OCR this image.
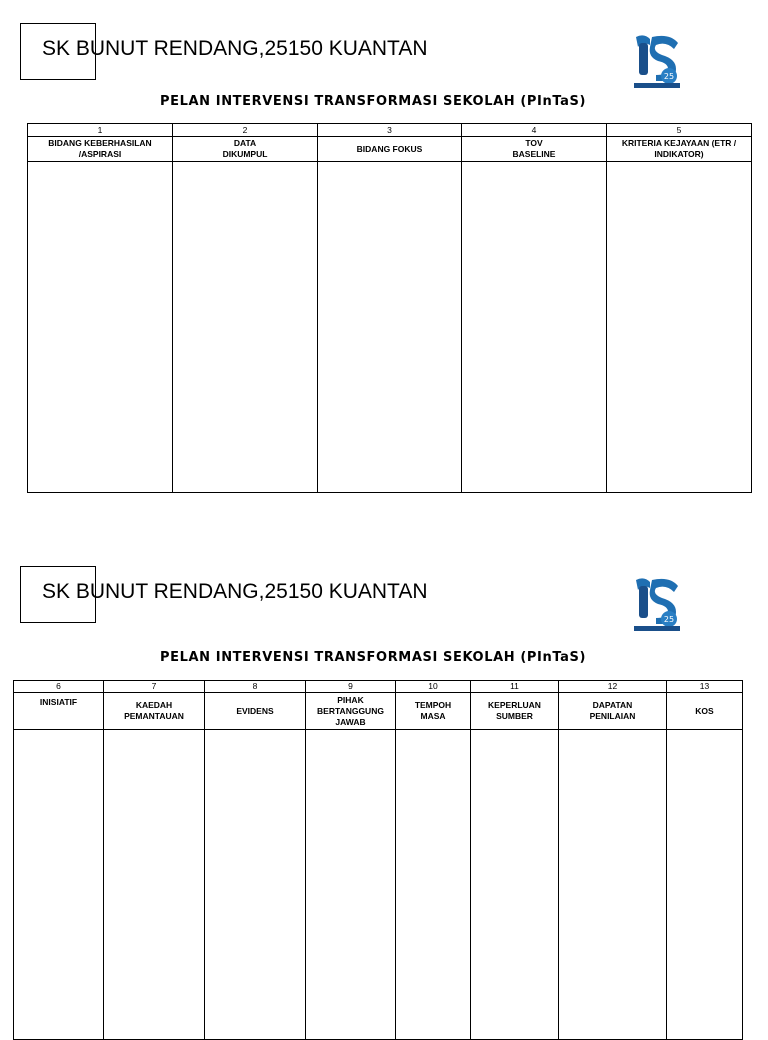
SK BUNUT RENDANG,25150 KUANTAN
25
PELAN INTERVENSI TRANSFORMASI SEKOLAH (PInTaS)
1	2	3	4	5
BIDANG KEBERHASILAN /ASPIRASI	DATA DIKUMPUL	BIDANG FOKUS	TOV BASELINE	KRITERIA KEJAYAAN (ETR / INDIKATOR)

SK BUNUT RENDANG,25150 KUANTAN
25
PELAN INTERVENSI TRANSFORMASI SEKOLAH (PInTaS)
6	7	8	9	10	11	12	13
INISIATIF	KAEDAH PEMANTAUAN	EVIDENS	PIHAK BERTANGGUNG JAWAB	TEMPOH MASA	KEPERLUAN SUMBER	DAPATAN PENILAIAN	KOS
